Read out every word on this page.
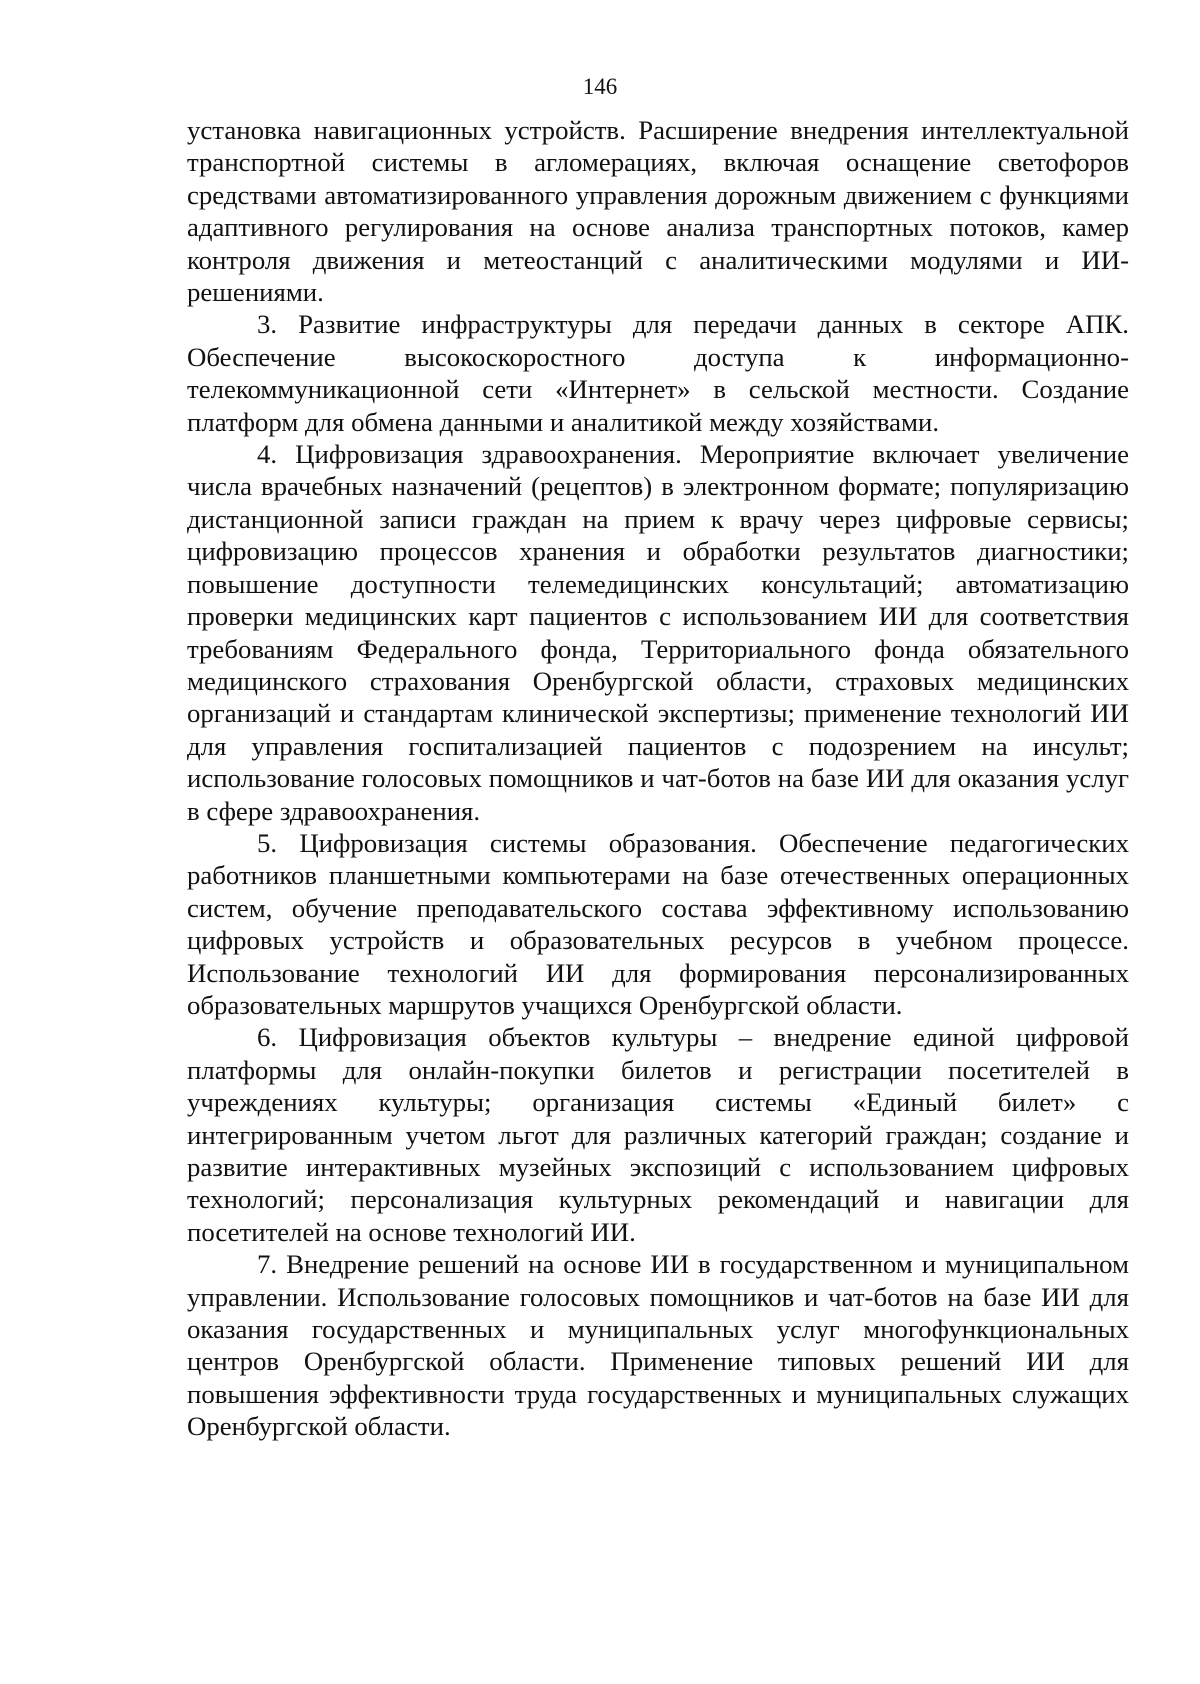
146

установка навигационных устройств. Расширение внедрения интеллектуальной транспортной системы в агломерациях, включая оснащение светофоров средствами автоматизированного управления дорожным движением с функциями адаптивного регулирования на основе анализа транспортных потоков, камер контроля движения и метеостанций с аналитическими модулями и ИИ-решениями.

3. Развитие инфраструктуры для передачи данных в секторе АПК. Обеспечение высокоскоростного доступа к информационно-телекоммуникационной сети «Интернет» в сельской местности. Создание платформ для обмена данными и аналитикой между хозяйствами.

4. Цифровизация здравоохранения. Мероприятие включает увеличение числа врачебных назначений (рецептов) в электронном формате; популяризацию дистанционной записи граждан на прием к врачу через цифровые сервисы; цифровизацию процессов хранения и обработки результатов диагностики; повышение доступности телемедицинских консультаций; автоматизацию проверки медицинских карт пациентов с использованием ИИ для соответствия требованиям Федерального фонда, Территориального фонда обязательного медицинского страхования Оренбургской области, страховых медицинских организаций и стандартам клинической экспертизы; применение технологий ИИ для управления госпитализацией пациентов с подозрением на инсульт; использование голосовых помощников и чат-ботов на базе ИИ для оказания услуг в сфере здравоохранения.

5. Цифровизация системы образования. Обеспечение педагогических работников планшетными компьютерами на базе отечественных операционных систем, обучение преподавательского состава эффективному использованию цифровых устройств и образовательных ресурсов в учебном процессе. Использование технологий ИИ для формирования персонализированных образовательных маршрутов учащихся Оренбургской области.

6. Цифровизация объектов культуры – внедрение единой цифровой платформы для онлайн-покупки билетов и регистрации посетителей в учреждениях культуры; организация системы «Единый билет» с интегрированным учетом льгот для различных категорий граждан; создание и развитие интерактивных музейных экспозиций с использованием цифровых технологий; персонализация культурных рекомендаций и навигации для посетителей на основе технологий ИИ.

7. Внедрение решений на основе ИИ в государственном и муниципальном управлении. Использование голосовых помощников и чат-ботов на базе ИИ для оказания государственных и муниципальных услуг многофункциональных центров Оренбургской области. Применение типовых решений ИИ для повышения эффективности труда государственных и муниципальных служащих Оренбургской области.
